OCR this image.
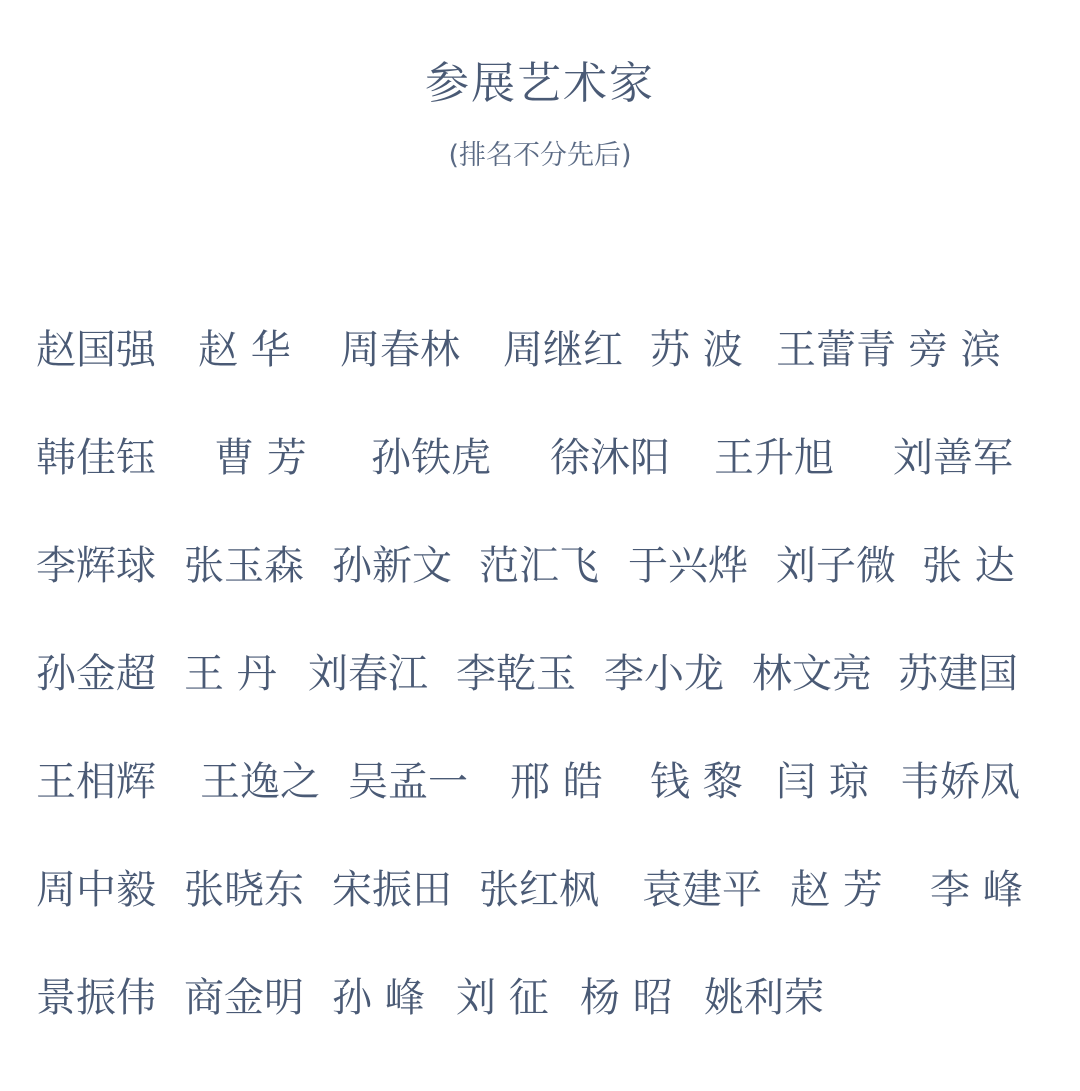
参展艺术家
(排名不分先后)
赵国强 赵 华 周春林 周继红 苏 波 王蕾青 旁 滨
韩佳钰 曹 芳 孙铁虎 徐沐阳 王升旭 刘善军
李辉球 张玉森 孙新文 范汇飞 于兴烨 刘子微 张 达
孙金超 王 丹 刘春江 李乾玉 李小龙 林文亮 苏建国
王相辉 王逸之 吴孟一 邢 皓 钱 黎 闫 琼 韦娇凤
周中毅 张晓东 宋振田 张红枫 袁建平 赵 芳 李 峰
景振伟 商金明 孙 峰 刘 征 杨 昭 姚利荣
